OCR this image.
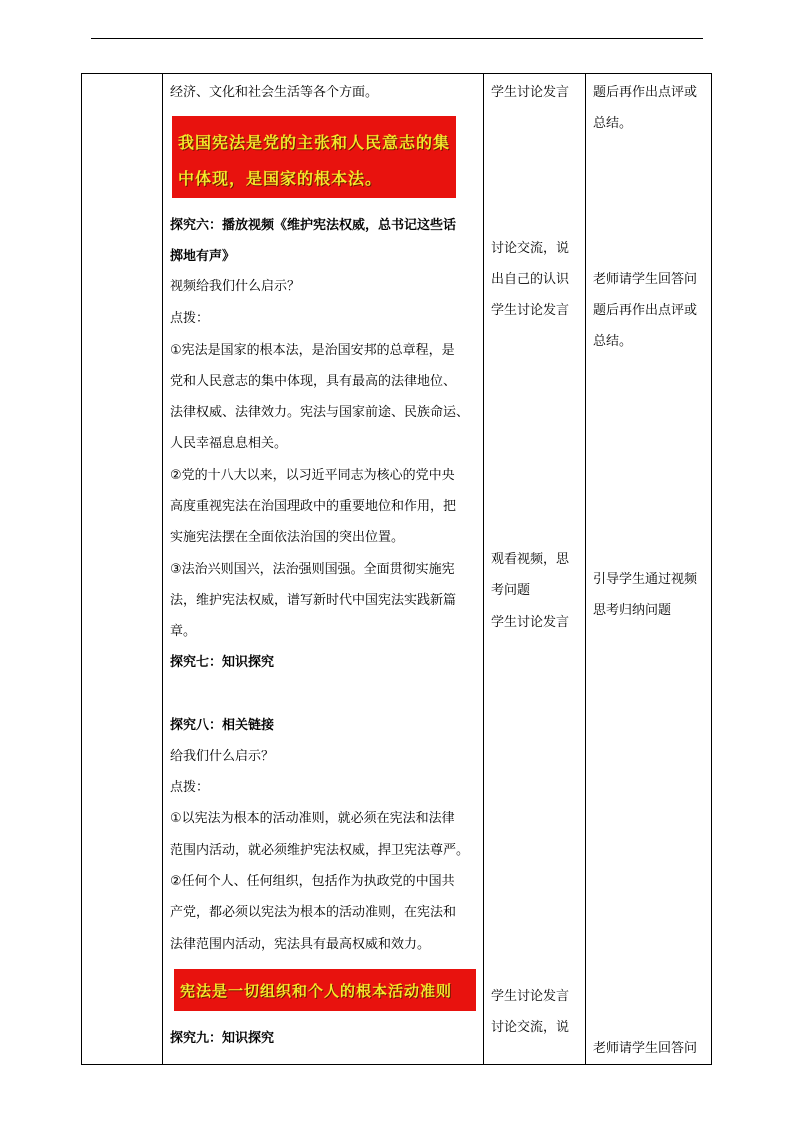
经济、文化和社会生活等各个方面。
我国宪法是党的主张和人民意志的集
中体现，是国家的根本法。
探究六：播放视频《维护宪法权威，总书记这些话
掷地有声》
视频给我们什么启示？
点拨：
①宪法是国家的根本法，是治国安邦的总章程，是
党和人民意志的集中体现，具有最高的法律地位、
法律权威、法律效力。宪法与国家前途、民族命运、
人民幸福息息相关。
②党的十八大以来，以习近平同志为核心的党中央
高度重视宪法在治国理政中的重要地位和作用，把
实施宪法摆在全面依法治国的突出位置。
③法治兴则国兴，法治强则国强。全面贯彻实施宪
法，维护宪法权威，谱写新时代中国宪法实践新篇
章。
探究七：知识探究
探究八：相关链接
给我们什么启示？
点拨：
①以宪法为根本的活动准则，就必须在宪法和法律
范围内活动，就必须维护宪法权威，捍卫宪法尊严。
②任何个人、任何组织，包括作为执政党的中国共
产党，都必须以宪法为根本的活动准则，在宪法和
法律范围内活动，宪法具有最高权威和效力。
宪法是一切组织和个人的根本活动准则
探究九：知识探究
学生讨论发言
讨论交流，说
出自己的认识
学生讨论发言
观看视频，思
考问题
学生讨论发言
学生讨论发言
讨论交流，说
题后再作出点评或
总结。
老师请学生回答问
题后再作出点评或
总结。
引导学生通过视频
思考归纳问题
老师请学生回答问
